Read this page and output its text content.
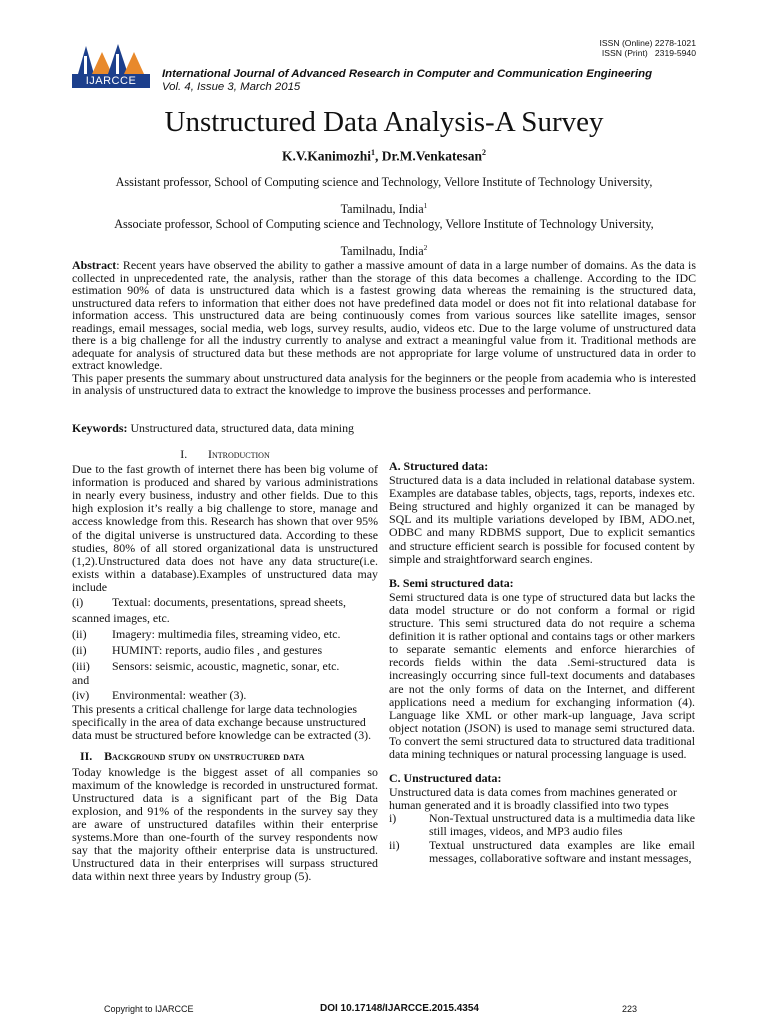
IJARCCE
ISSN (Online) 2278-1021
ISSN (Print)   2319-5940
International Journal of Advanced Research in Computer and Communication Engineering
Vol. 4, Issue 3, March 2015
Unstructured Data Analysis-A Survey
K.V.Kanimozhi$^1$, Dr.M.Venkatesan$^2$
Assistant professor, School of Computing science and Technology, Vellore Institute of Technology University,
Tamilnadu, India$^1$
Associate professor, School of Computing science and Technology, Vellore Institute of Technology University,
Tamilnadu, India$^2$

Abstract: Recent years have observed the ability to gather a massive amount of data in a large number of domains. As the data is collected in unprecedented rate, the analysis, rather than the storage of this data becomes a challenge. According to the IDC estimation 90% of data is unstructured data which is a fastest growing data whereas the remaining is the structured data, unstructured data refers to information that either does not have predefined data model or does not fit into relational database for information access. This unstructured data are being continuously comes from various sources like satellite images, sensor readings, email messages, social media, web logs, survey results, audio, videos etc. Due to the large volume of unstructured data there is a big challenge for all the industry currently to analyse and extract a meaningful value from it. Traditional methods are adequate for analysis of structured data but these methods are not appropriate for large volume of unstructured data in order to extract knowledge.

This paper presents the summary about unstructured data analysis for the beginners or the people from academia who is interested in analysis of unstructured data to extract the knowledge to improve the business processes and performance.

Keywords: Unstructured data, structured data, data mining
I. Introduction

Due to the fast growth of internet there has been big volume of information is produced and shared by various administrations in nearly every business, industry and other fields. Due to this high explosion it’s really a big challenge to store, manage and access knowledge from this. Research has shown that over 95% of the digital universe is unstructured data. According to these studies, 80% of all stored organizational data is unstructured (1,2).Unstructured data does not have any data structure(i.e. exists within a database).Examples of unstructured data may include

(i)	Textual: documents, presentations, spread sheets,
scanned images, etc.
(ii)	Imagery: multimedia files, streaming video, etc.
(ii)	HUMINT: reports, audio files , and gestures
(iii)	Sensors: seismic, acoustic, magnetic, sonar, etc.
and
(iv)	Environmental: weather (3).

This presents a critical challenge for large data technologies specifically in the area of data exchange because unstructured data must be structured before knowledge can be extracted (3).

II. Background study on unstructured data

Today knowledge is the biggest asset of all companies so maximum of the knowledge is recorded in unstructured format. Unstructured data is a significant part of the Big Data explosion, and 91% of the respondents in the survey say they are aware of unstructured datafiles within their enterprise systems.More than one-fourth of the survey respondents now say that the majority oftheir enterprise data is unstructured. Unstructured data in their enterprises will surpass structured data within next three years by Industry group (5).

A. Structured data:

Structured data is a data included in relational database system. Examples are database tables, objects, tags, reports, indexes etc. Being structured and highly organized it can be managed by SQL and its multiple variations developed by IBM, ADO.net, ODBC and many RDBMS support, Due to explicit semantics and structure efficient search is possible for focused content by simple and straightforward search engines.

B. Semi structured data:

Semi structured data is one type of structured data but lacks the data model structure or do not conform a formal or rigid structure. This semi structured data do not require a schema definition it is rather optional and contains tags or other markers to separate semantic elements and enforce hierarchies of records fields within the data .Semi-structured data is increasingly occurring since full-text documents and databases are not the only forms of data on the Internet, and different applications need a medium for exchanging information (4). Language like XML or other mark-up language, Java script object notation (JSON) is used to manage semi structured data. To convert the semi structured data to structured data traditional data mining techniques or natural processing language is used.

C. Unstructured data:

Unstructured data is data comes from machines generated or human generated and it is broadly classified into two types

i)	Non-Textual unstructured data is a multimedia data like still images, videos, and MP3 audio files
ii)	Textual unstructured data examples are like email messages, collaborative software and instant messages,
Copyright to IJARCCE	DOI 10.17148/IJARCCE.2015.4354	223
